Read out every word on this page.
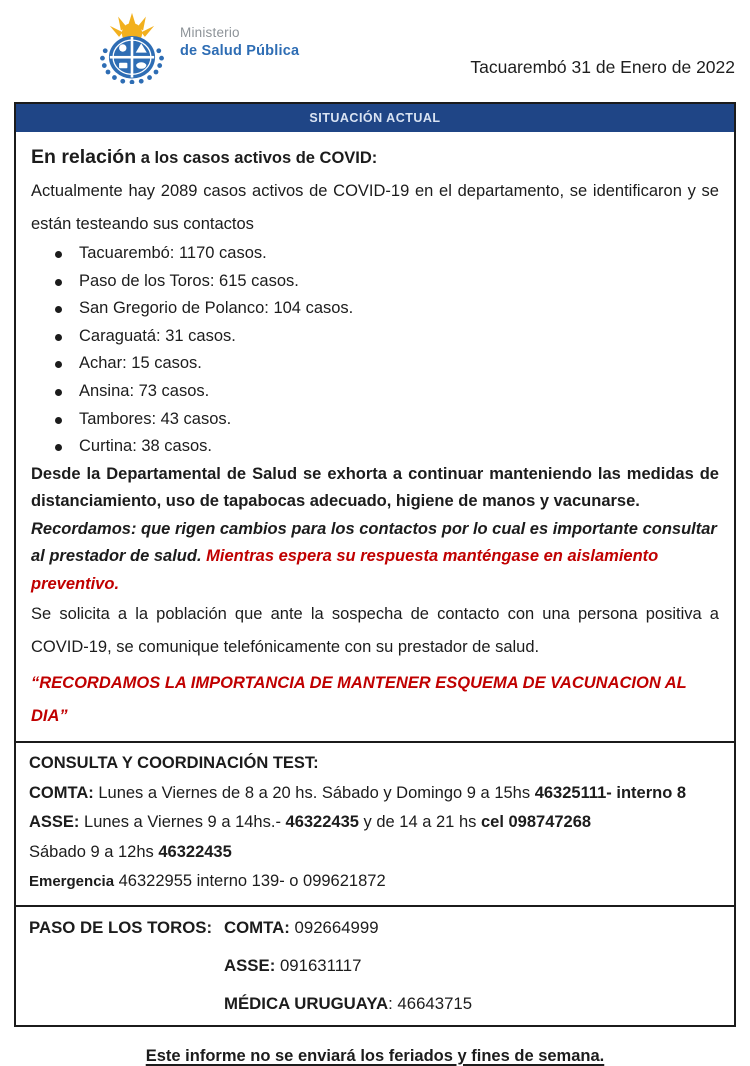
Ministerio
de Salud Pública
Tacuarembó 31 de Enero de 2022
SITUACIÓN ACTUAL

En relación a los casos activos de COVID:

Actualmente hay 2089 casos activos de COVID-19 en el departamento, se identificaron y se están testeando sus contactos

Tacuarembó: 1170 casos.
Paso de los Toros: 615 casos.
San Gregorio de Polanco: 104 casos.
Caraguatá: 31 casos.
Achar: 15 casos.
Ansina: 73 casos.
Tambores: 43 casos.
Curtina: 38 casos.

Desde la Departamental de Salud se exhorta a continuar manteniendo las medidas de distanciamiento, uso de tapabocas adecuado, higiene de manos y vacunarse.

Recordamos: que rigen cambios para los contactos por lo cual es importante consultar al prestador de salud. Mientras espera su respuesta manténgase en aislamiento preventivo.

Se solicita a la población que ante la sospecha de contacto con una persona positiva a COVID-19, se comunique telefónicamente con su prestador de salud.

“RECORDAMOS LA IMPORTANCIA DE MANTENER ESQUEMA DE VACUNACION AL DIA”

CONSULTA Y COORDINACIÓN TEST:

COMTA: Lunes a Viernes de 8 a 20 hs. Sábado y Domingo 9 a 15hs 46325111- interno 8

ASSE: Lunes a Viernes 9 a 14hs.- 46322435 y de 14 a 21 hs cel 098747268

Sábado 9 a 12hs 46322435

Emergencia 46322955 interno 139- o 099621872

PASO DE LOS TOROS: COMTA: 092664999
ASSE: 091631117
MÉDICA URUGUAYA: 46643715
Este informe no se enviará los feriados y fines de semana.
